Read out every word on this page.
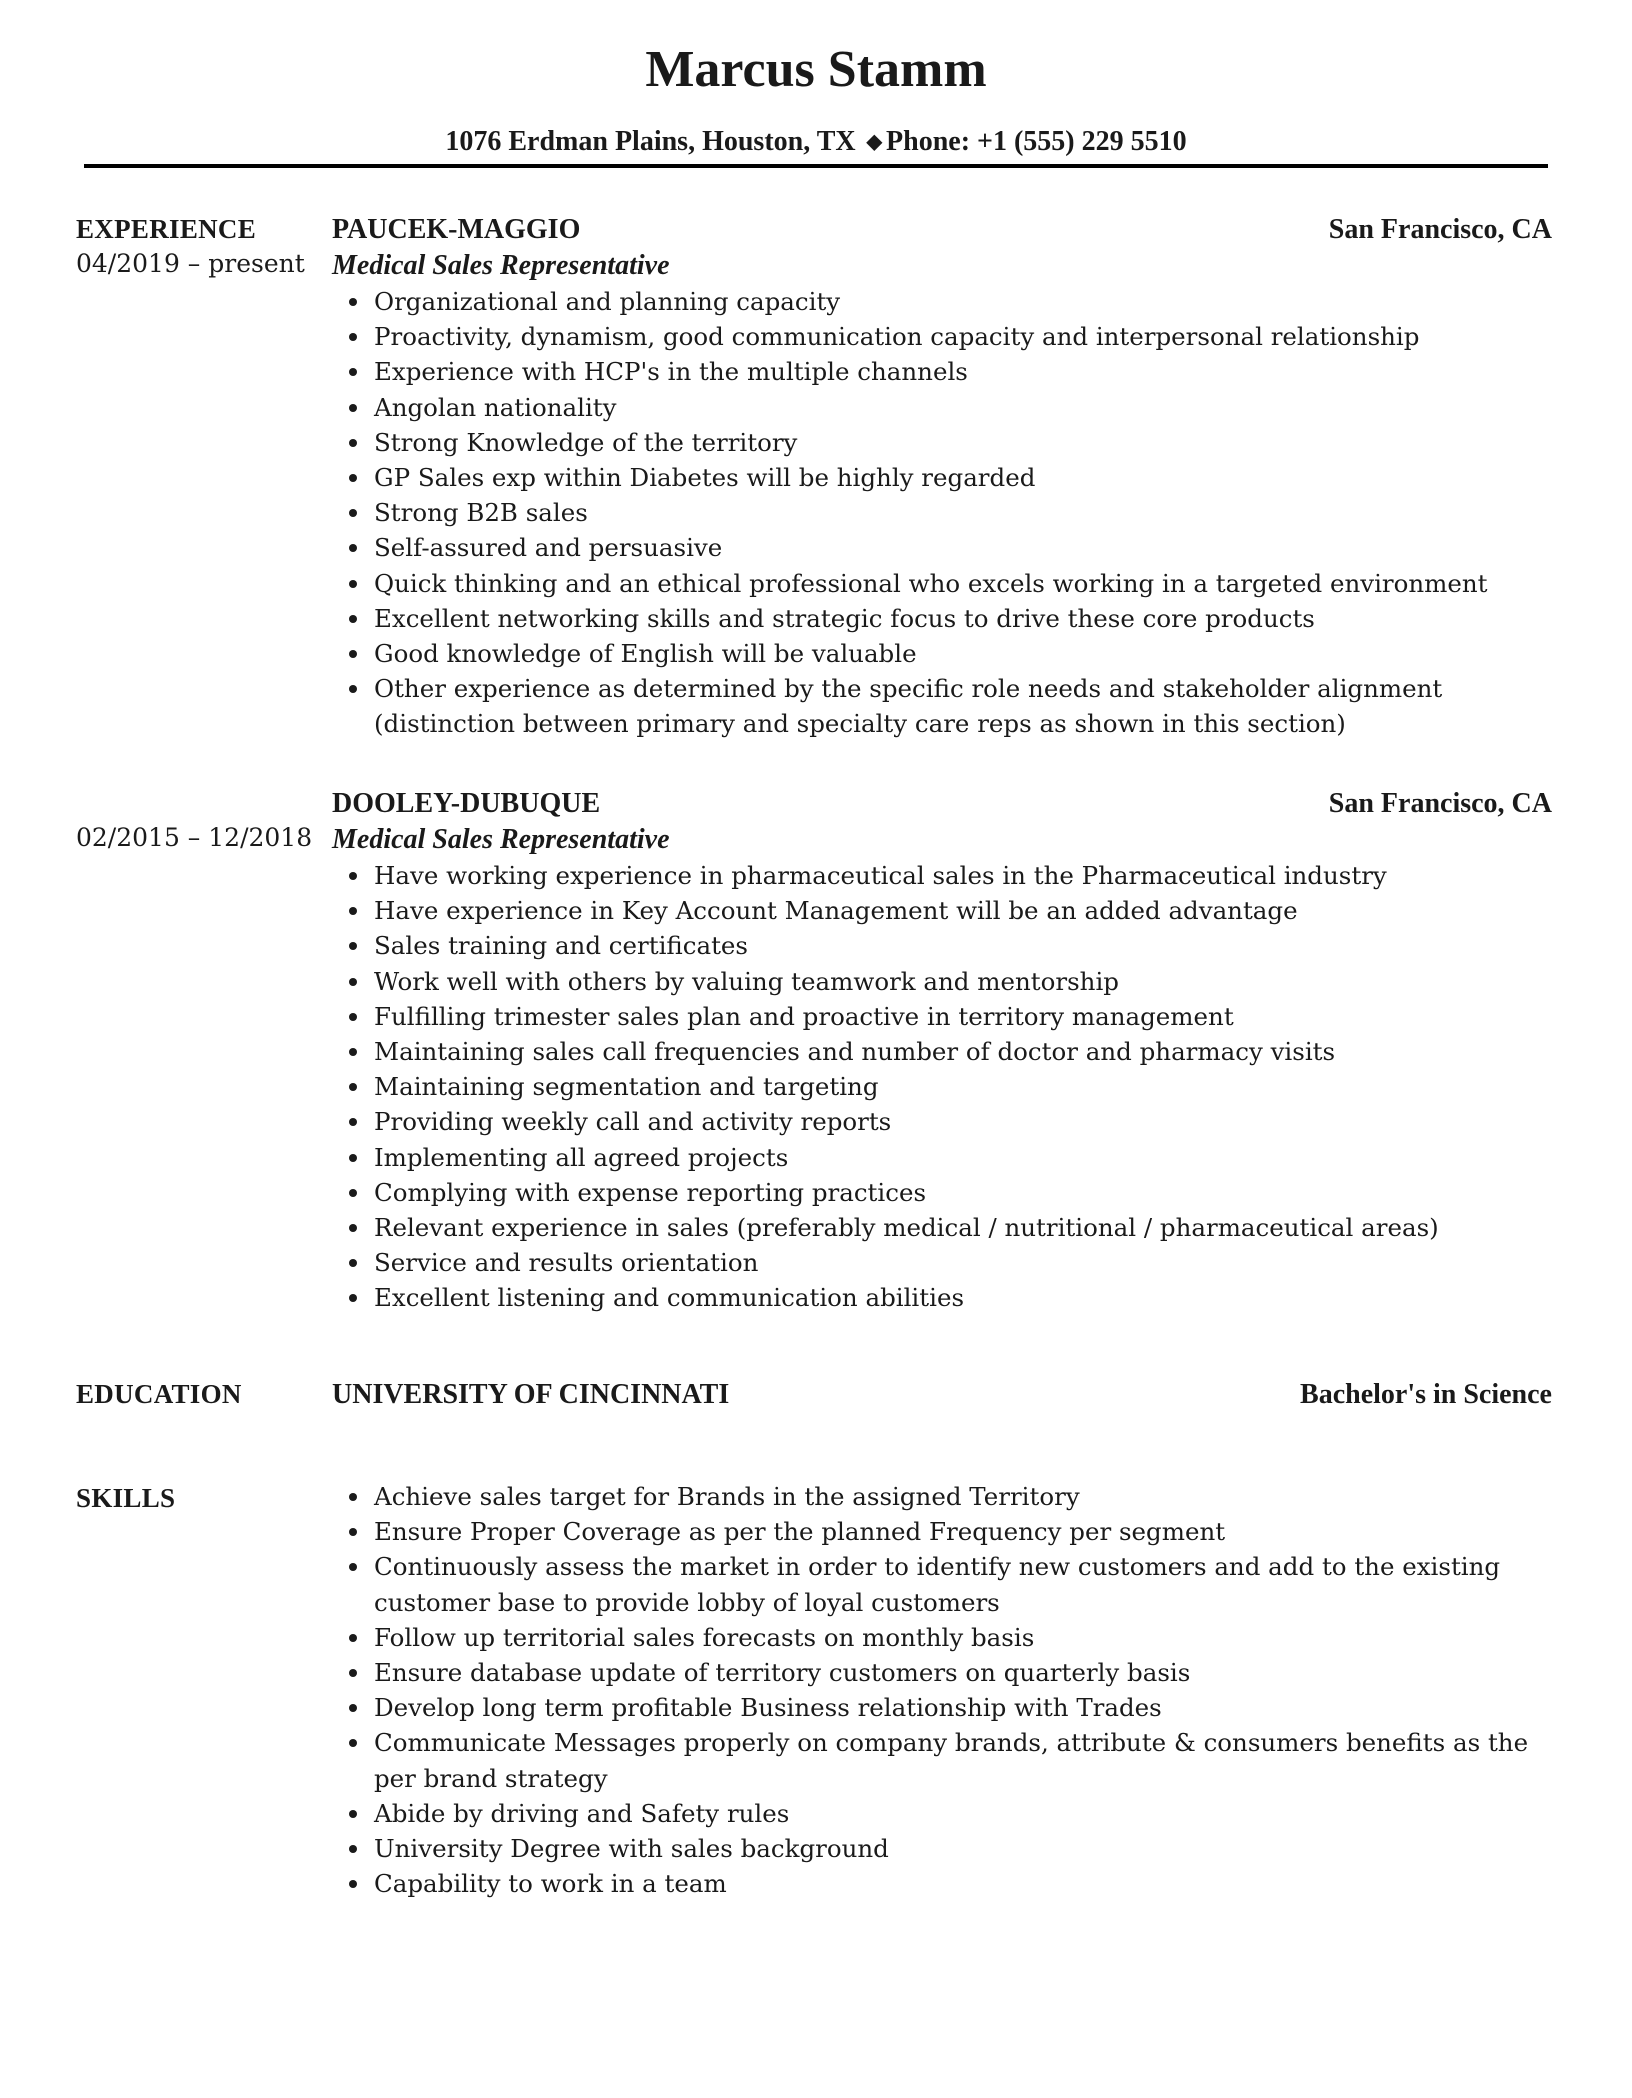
Marcus Stamm
1076 Erdman Plains, Houston, TX ◆ Phone: +1 (555) 229 5510
EXPERIENCE
04/2019 – present
PAUCEK-MAGGIO	San Francisco, CA
Medical Sales Representative
Organizational and planning capacity
Proactivity, dynamism, good communication capacity and interpersonal relationship
Experience with HCP's in the multiple channels
Angolan nationality
Strong Knowledge of the territory
GP Sales exp within Diabetes will be highly regarded
Strong B2B sales
Self-assured and persuasive
Quick thinking and an ethical professional who excels working in a targeted environment
Excellent networking skills and strategic focus to drive these core products
Good knowledge of English will be valuable
Other experience as determined by the specific role needs and stakeholder alignment (distinction between primary and specialty care reps as shown in this section)
02/2015 – 12/2018
DOOLEY-DUBUQUE	San Francisco, CA
Medical Sales Representative
Have working experience in pharmaceutical sales in the Pharmaceutical industry
Have experience in Key Account Management will be an added advantage
Sales training and certificates
Work well with others by valuing teamwork and mentorship
Fulfilling trimester sales plan and proactive in territory management
Maintaining sales call frequencies and number of doctor and pharmacy visits
Maintaining segmentation and targeting
Providing weekly call and activity reports
Implementing all agreed projects
Complying with expense reporting practices
Relevant experience in sales (preferably medical / nutritional / pharmaceutical areas)
Service and results orientation
Excellent listening and communication abilities
EDUCATION	UNIVERSITY OF CINCINNATI	Bachelor's in Science
SKILLS	Achieve sales target for Brands in the assigned Territory
Ensure Proper Coverage as per the planned Frequency per segment
Continuously assess the market in order to identify new customers and add to the existing customer base to provide lobby of loyal customers
Follow up territorial sales forecasts on monthly basis
Ensure database update of territory customers on quarterly basis
Develop long term profitable Business relationship with Trades
Communicate Messages properly on company brands, attribute & consumers benefits as the per brand strategy
Abide by driving and Safety rules
University Degree with sales background
Capability to work in a team
